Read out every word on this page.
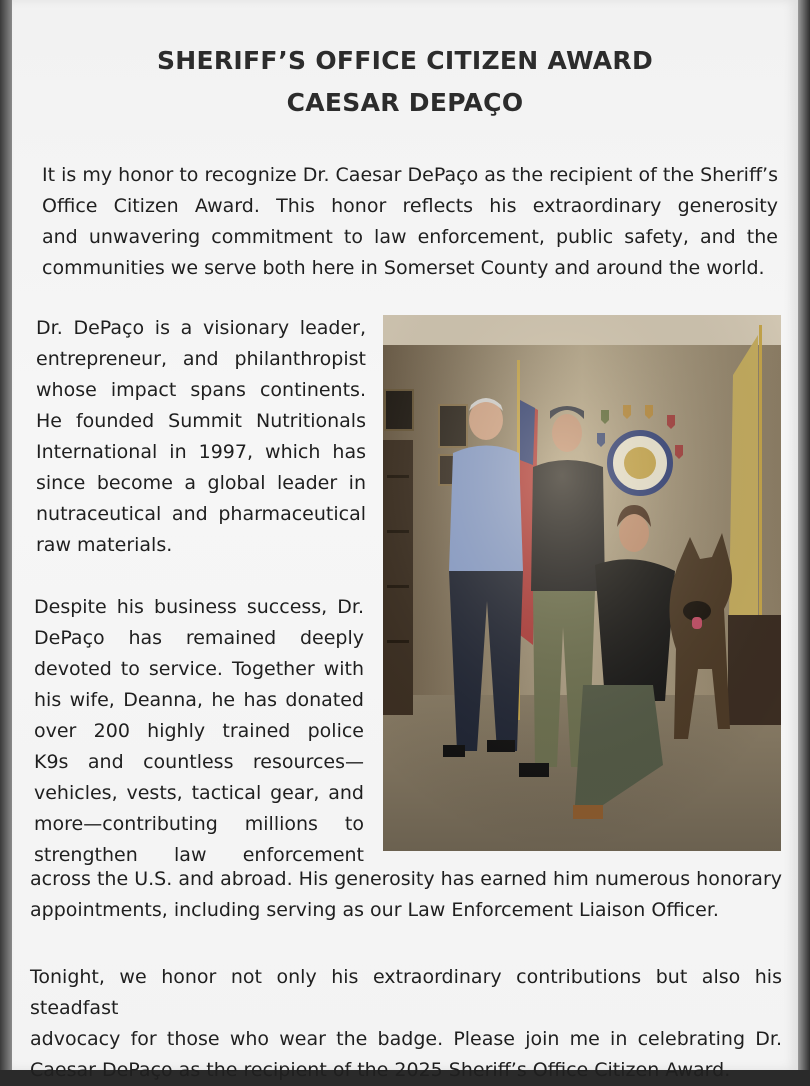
SHERIFF’S OFFICE CITIZEN AWARD
CAESAR DEPAÇO

It is my honor to recognize Dr. Caesar DePaço as the recipient of the Sheriff’s
Office Citizen Award. This honor reflects his extraordinary generosity
and unwavering commitment to law enforcement, public safety, and the
communities we serve both here in Somerset County and around the world.

Dr. DePaço is a visionary leader,
entrepreneur, and philanthropist
whose impact spans continents.
He founded Summit Nutritionals
International in 1997, which has
since become a global leader in
nutraceutical and pharmaceutical
raw materials.

Despite his business success, Dr.
DePaço has remained deeply
devoted to service. Together with
his wife, Deanna, he has donated
over 200 highly trained police
K9s and countless resources—
vehicles, vests, tactical gear, and
more—contributing millions to
strengthen law enforcement

across the U.S. and abroad. His generosity has earned him numerous honorary
appointments, including serving as our Law Enforcement Liaison Officer.

Tonight, we honor not only his extraordinary contributions but also his steadfast
advocacy for those who wear the badge. Please join me in celebrating Dr.
Caesar DePaço as the recipient of the 2025 Sheriff’s Office Citizen Award.
